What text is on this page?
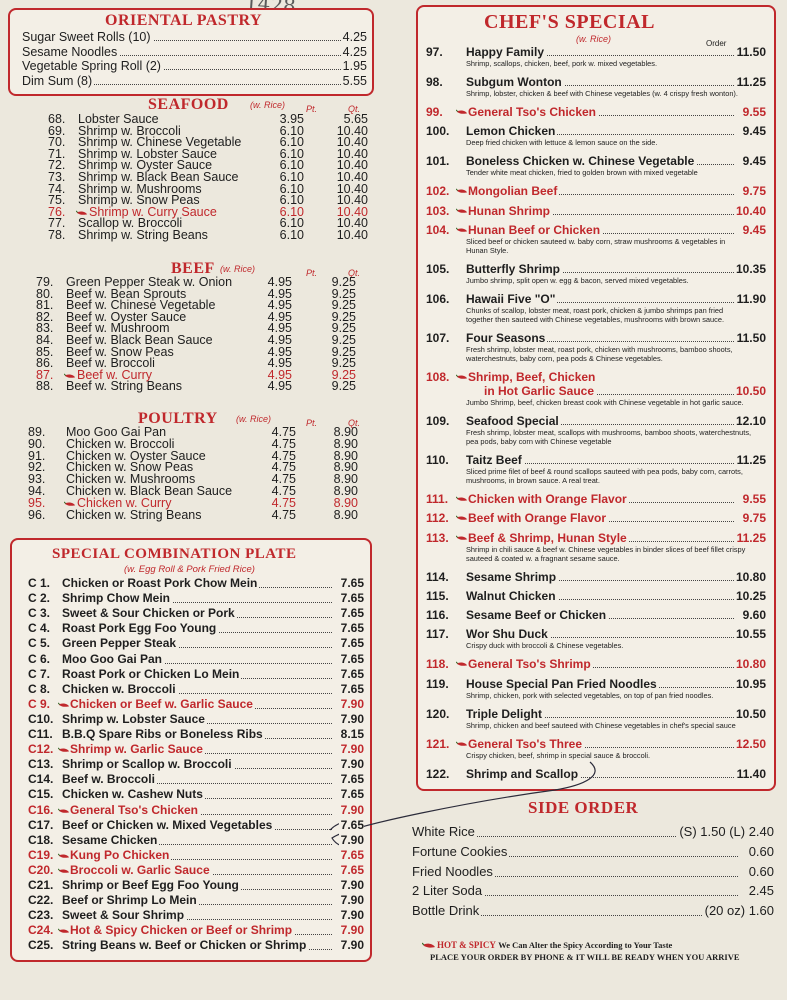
ORIENTAL PASTRY
Sugar Sweet Rolls (10)	4.25
Sesame Noodles	4.25
Vegetable Spring Roll (2)	1.95
Dim Sum (8)	5.55
SEAFOOD (w. Rice) Pt.	Qt.
68. Lobster Sauce	3.95	5.65
69. Shrimp w. Broccoli	6.10	10.40
70. Shrimp w. Chinese Vegetable	6.10	10.40
71. Shrimp w. Lobster Sauce	6.10	10.40
72. Shrimp w. Oyster Sauce	6.10	10.40
73. Shrimp w. Black Bean Sauce	6.10	10.40
74. Shrimp w. Mushrooms	6.10	10.40
75. Shrimp w. Snow Peas	6.10	10.40
76. Shrimp w. Curry Sauce	6.10	10.40
77. Scallop w. Broccoli	6.10	10.40
78. Shrimp w. String Beans	6.10	10.40
BEEF (w. Rice)	Pt.	Qt.
79. Green Pepper Steak w. Onion	4.95	9.25
80. Beef w. Bean Sprouts	4.95	9.25
81. Beef w. Chinese Vegetable	4.95	9.25
82. Beef w. Oyster Sauce	4.95	9.25
83. Beef w. Mushroom	4.95	9.25
84. Beef w. Black Bean Sauce	4.95	9.25
85. Beef w. Snow Peas	4.95	9.25
86. Beef w. Broccoli	4.95	9.25
87. Beef w. Curry	4.95	9.25
88. Beef w. String Beans	4.95	9.25
POULTRY (w. Rice)	Pt.	Qt.
89. Moo Goo Gai Pan	4.75	8.90
90. Chicken w. Broccoli	4.75	8.90
91. Chicken w. Oyster Sauce	4.75	8.90
92. Chicken w. Snow Peas	4.75	8.90
93. Chicken w. Mushrooms	4.75	8.90
94. Chicken w. Black Bean Sauce	4.75	8.90
95.	Chicken w. Curry	4.75	8.90
96. Chicken w. String Beans	4.75	8.90
SPECIAL COMBINATION PLATE
(w. Egg Roll & Pork Fried Rice)
C 1. Chicken or Roast Pork Chow Mein	7.65
C 2. Shrimp Chow Mein	7.65
C 3. Sweet & Sour Chicken or Pork	7.65
C 4. Roast Pork Egg Foo Young	7.65
C 5. Green Pepper Steak	7.65
C 6. Moo Goo Gai Pan	7.65
C 7. Roast Pork or Chicken Lo Mein	7.65
C 8. Chicken w. Broccoli	7.65
C 9. Chicken or Beef w. Garlic Sauce	7.90
C10. Shrimp w. Lobster Sauce	7.90
C11. B.B.Q Spare Ribs or Boneless Ribs	8.15
C12. Shrimp w. Garlic Sauce	7.90
C13. Shrimp or Scallop w. Broccoli	7.90
C14. Beef w. Broccoli	7.65
C15. Chicken w. Cashew Nuts	7.65
C16. General Tso's Chicken	7.90
C17. Beef or Chicken w. Mixed Vegetables	7.65
C18. Sesame Chicken	7.90
C19. Kung Po Chicken	7.65
C20. Broccoli w. Garlic Sauce	7.65
C21. Shrimp or Beef Egg Foo Young	7.90
C22. Beef or Shrimp Lo Mein	7.90
C23. Sweet & Sour Shrimp	7.90
C24. Hot & Spicy Chicken or Beef or Shrimp	7.90
C25. String Beans w. Beef or Chicken or Shrimp	7.90
CHEF'S SPECIAL
(w. Rice)	Order
97. Happy Family	11.50
Shrimp, scallops, chicken, beef, pork w. mixed vegetables.
98. Subgum Wonton	11.25
Shrimp, lobster, chicken & beef with Chinese vegetables (w. 4 crispy fresh wonton).
99. General Tso's Chicken	9.55
100. Lemon Chicken	9.45
Deep fried chicken with lettuce & lemon sauce on the side.
101. Boneless Chicken w. Chinese Vegetable	9.45
Tender white meat chicken, fried to golden brown with mixed vegetable
102. Mongolian Beef	9.75
103. Hunan Shrimp	10.40
104. Hunan Beef or Chicken	9.45
Sliced beef or chicken sauteed w. baby corn, straw mushrooms & vegetables in
Hunan Style.
105. Butterfly Shrimp	10.35
Jumbo shrimp, split open w. egg & bacon, served mixed vegetables.
106. Hawaii Five "O"	11.90
Chunks of scallop, lobster meat, roast pork, chicken & jumbo shrimps pan fried
together then sauteed with Chinese vegetables, mushrooms with brown sauce.
107. Four Seasons	11.50
Fresh shrimp, lobster meat, roast pork, chicken with mushrooms, bamboo shoots,
waterchestnuts, baby corn, pea pods & Chinese vegetables.
108. Shrimp, Beef, Chicken
in Hot Garlic Sauce	10.50
Jumbo Shrimp, beef, chicken breast cook with Chinese vegetable in hot garlic sauce.
109. Seafood Special	12.10
Fresh shrimp, lobster meat, scallops with mushrooms, bamboo shoots, waterchestnuts,
pea pods, baby corn with Chinese vegetable
110. Taitz Beef	11.25
Sliced prime filet of beef & round scallops sauteed with pea pods, baby corn, carrots,
mushrooms, in brown sauce. A real treat.
111. Chicken with Orange Flavor	9.55
112. Beef with Orange Flavor	9.75
113. Beef & Shrimp, Hunan Style	11.25
Shrimp in chili sauce & beef w. Chinese vegetables in binder slices of beef fillet crispy
sauteed & coated w. a fragnant sesame sauce.
114. Sesame Shrimp	10.80
115. Walnut Chicken	10.25
116. Sesame Beef or Chicken	9.60
117. Wor Shu Duck	10.55
Crispy duck with broccoli & Chinese vegetables.
118. General Tso's Shrimp	10.80
119. House Special Pan Fried Noodles	10.95
Shrimp, chicken, pork with selected vegetables, on top of pan fried noodles.
120. Triple Delight	10.50
Shrimp, chicken and beef sauteed with Chinese vegetables in chef's special sauce
121. General Tso's Three	12.50
Crispy chicken, beef, shrimp in special sauce & broccoli.
122. Shrimp and Scallop	11.40
SIDE ORDER
White Rice	(S) 1.50 (L) 2.40
Fortune Cookies	0.60
Fried Noodles	0.60
2 Liter Soda	2.45
Bottle Drink	(20 oz) 1.60
HOT & SPICY We Can Alter the Spicy According to Your Taste
PLACE YOUR ORDER BY PHONE & IT WILL BE READY WHEN YOU ARRIVE
